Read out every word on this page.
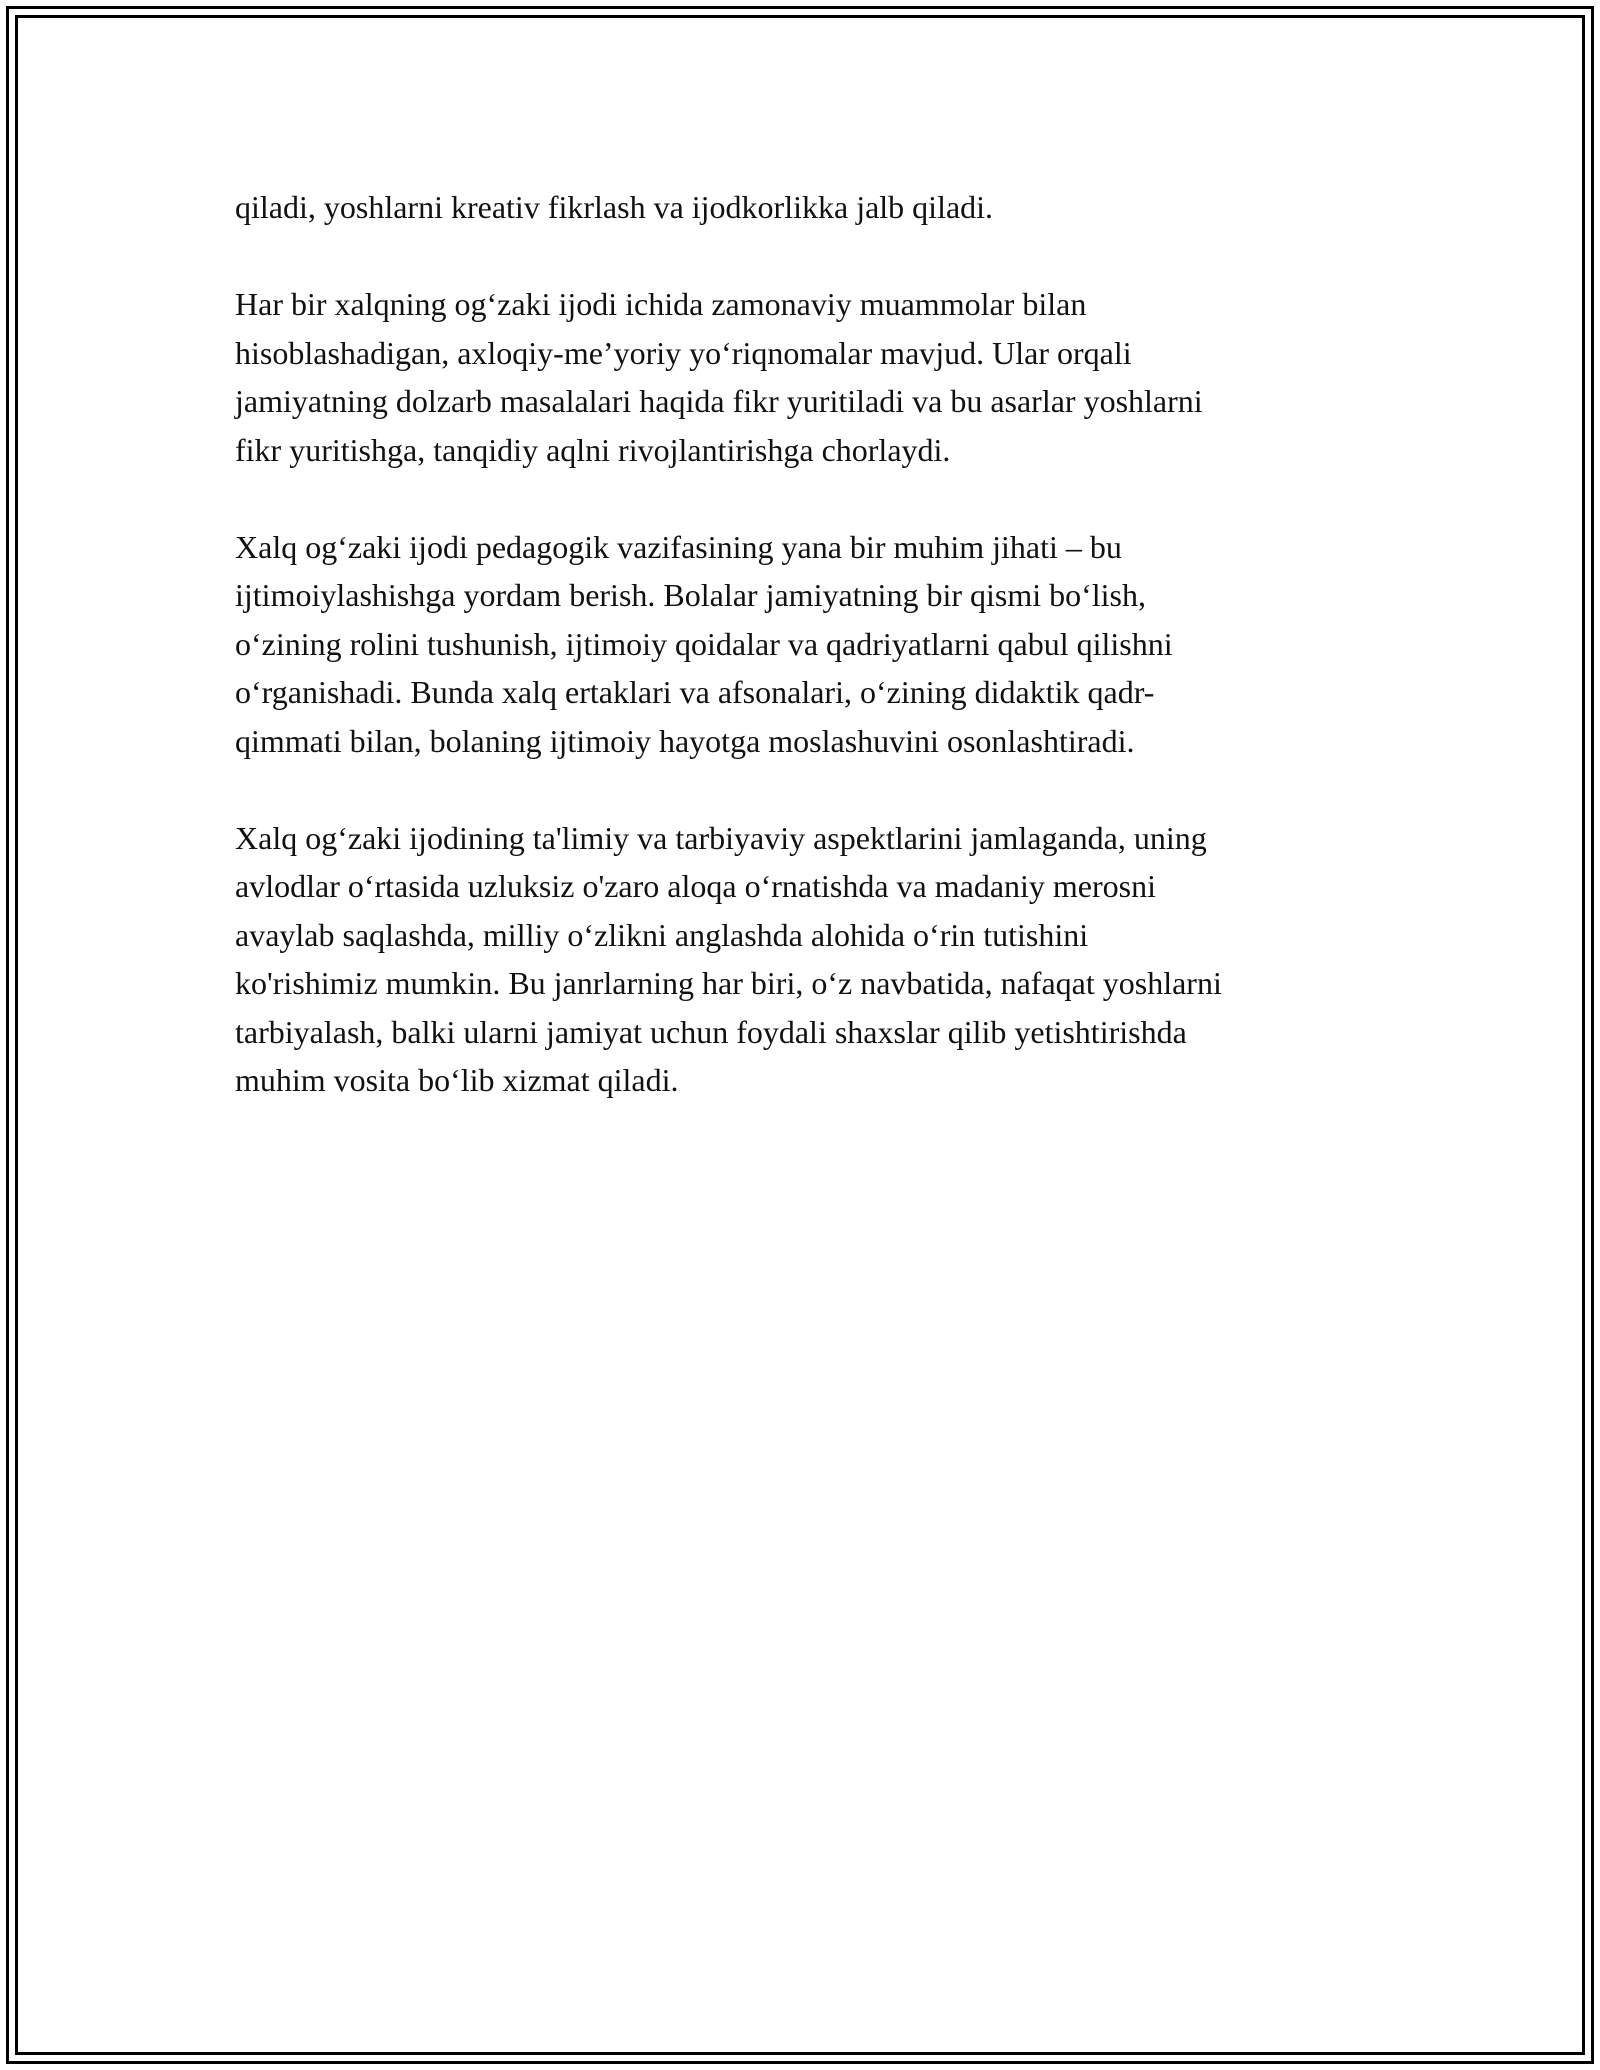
qiladi, yoshlarni kreativ fikrlash va ijodkorlikka jalb qiladi.

Har bir xalqning og‘zaki ijodi ichida zamonaviy muammolar bilan
hisoblashadigan, axloqiy-me’yoriy yo‘riqnomalar mavjud. Ular orqali
jamiyatning dolzarb masalalari haqida fikr yuritiladi va bu asarlar yoshlarni
fikr yuritishga, tanqidiy aqlni rivojlantirishga chorlaydi.

Xalq og‘zaki ijodi pedagogik vazifasining yana bir muhim jihati – bu
ijtimoiylashishga yordam berish. Bolalar jamiyatning bir qismi bo‘lish,
o‘zining rolini tushunish, ijtimoiy qoidalar va qadriyatlarni qabul qilishni
o‘rganishadi. Bunda xalq ertaklari va afsonalari, o‘zining didaktik qadr-
qimmati bilan, bolaning ijtimoiy hayotga moslashuvini osonlashtiradi.

Xalq og‘zaki ijodining ta'limiy va tarbiyaviy aspektlarini jamlaganda, uning
avlodlar o‘rtasida uzluksiz o'zaro aloqa o‘rnatishda va madaniy merosni
avaylab saqlashda, milliy o‘zlikni anglashda alohida o‘rin tutishini
ko'rishimiz mumkin. Bu janrlarning har biri, o‘z navbatida, nafaqat yoshlarni
tarbiyalash, balki ularni jamiyat uchun foydali shaxslar qilib yetishtirishda
muhim vosita bo‘lib xizmat qiladi.
